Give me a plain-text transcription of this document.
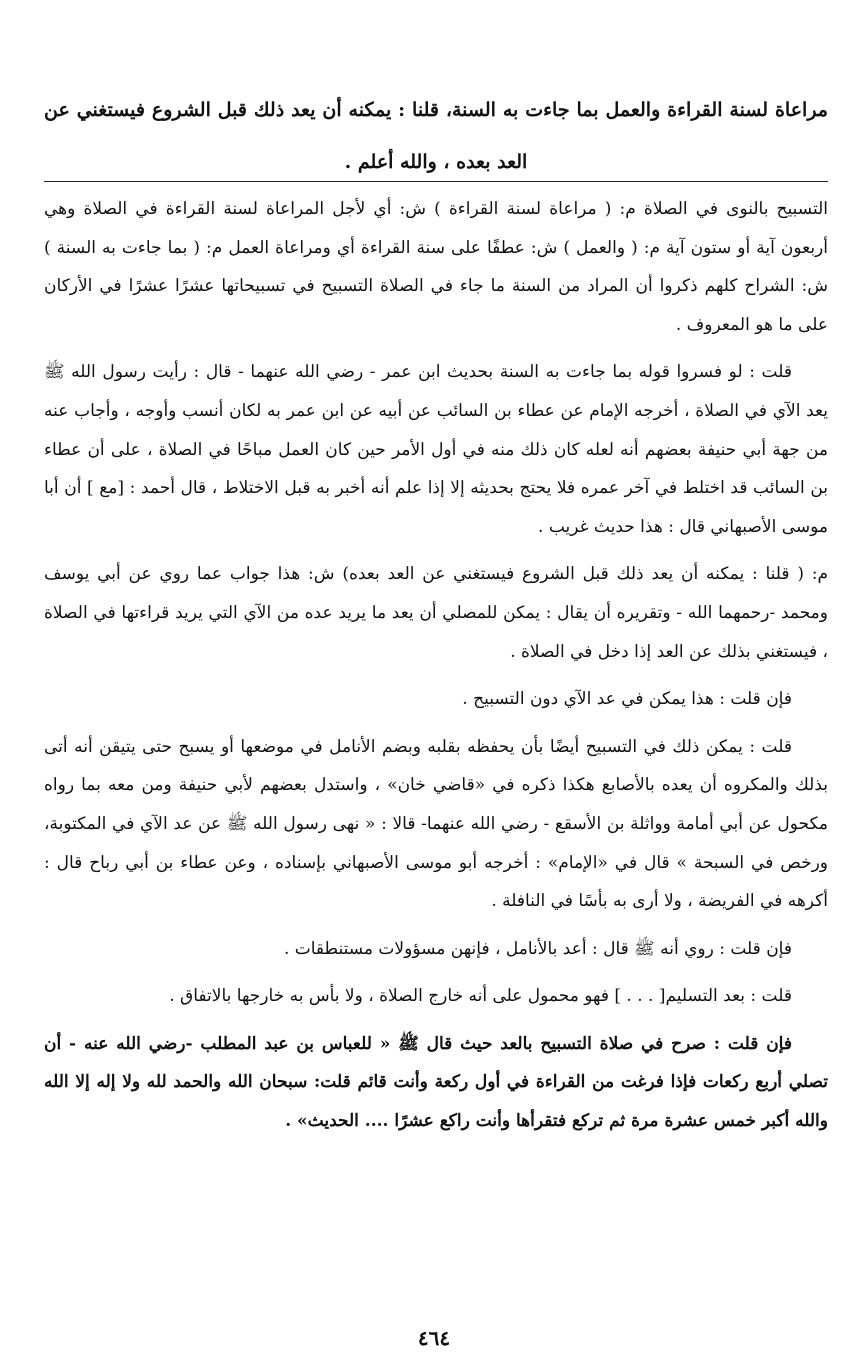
مراعاة لسنة القراءة والعمل بما جاءت به السنة، قلنا : يمكنه أن يعد ذلك قبل الشروع فيستغني عن العد بعده ، والله أعلم .

التسبيح بالنوى في الصلاة م: ( مراعاة لسنة القراءة ) ش: أي لأجل المراعاة لسنة القراءة في الصلاة وهي أربعون آية أو ستون آية م: ( والعمل ) ش: عطفًا على سنة القراءة أي ومراعاة العمل م: ( بما جاءت به السنة ) ش: الشراح كلهم ذكروا أن المراد من السنة ما جاء في الصلاة التسبيح في تسبيحاتها عشرًا عشرًا في الأركان على ما هو المعروف .

قلت : لو فسروا قوله بما جاءت به السنة بحديث ابن عمر - رضي الله عنهما - قال : رأيت رسول الله ﷺ يعد الآي في الصلاة ، أخرجه الإمام عن عطاء بن السائب عن أبيه عن ابن عمر به لكان أنسب وأوجه ، وأجاب عنه من جهة أبي حنيفة بعضهم أنه لعله كان ذلك منه في أول الأمر حين كان العمل مباحًا في الصلاة ، على أن عطاء بن السائب قد اختلط في آخر عمره فلا يحتج بحديثه إلا إذا علم أنه أخبر به قبل الاختلاط ، قال أحمد : [مع ] أن أبا موسى الأصبهاني قال : هذا حديث غريب .

م: ( قلنا : يمكنه أن يعد ذلك قبل الشروع فيستغني عن العد بعده) ش: هذا جواب عما روي عن أبي يوسف ومحمد -رحمهما الله - وتقريره أن يقال : يمكن للمصلي أن يعد ما يريد عده من الآي التي يريد قراءتها في الصلاة ، فيستغني بذلك عن العد إذا دخل في الصلاة .

فإن قلت : هذا يمكن في عد الآي دون التسبيح .

قلت : يمكن ذلك في التسبيح أيضًا بأن يحفظه بقلبه وبضم الأنامل في موضعها أو يسبح حتى يتيقن أنه أتى بذلك والمكروه أن يعده بالأصابع هكذا ذكره في «قاضي خان» ، واستدل بعضهم لأبي حنيفة ومن معه بما رواه مكحول عن أبي أمامة وواثلة بن الأسقع - رضي الله عنهما- قالا : « نهى رسول الله ﷺ عن عد الآي في المكتوبة، ورخص في السبحة » قال في «الإمام» : أخرجه أبو موسى الأصبهاني بإسناده ، وعن عطاء بن أبي رباح قال : أكرهه في الفريضة ، ولا أرى به بأسًا في النافلة .

فإن قلت : روي أنه ﷺ قال : أعد بالأنامل ، فإنهن مسؤولات مستنطقات .

قلت : بعد التسليم[ . . . ] فهو محمول على أنه خارج الصلاة ، ولا بأس به خارجها بالاتفاق .

فإن قلت : صرح في صلاة التسبيح بالعد حيث قال ﷺ « للعباس بن عبد المطلب -رضي الله عنه - أن تصلي أربع ركعات فإذا فرغت من القراءة في أول ركعة وأنت قائم قلت: سبحان الله والحمد لله ولا إله إلا الله والله أكبر خمس عشرة مرة ثم تركع فتقرأها وأنت راكع عشرًا .... الحديث» .

٤٦٤
